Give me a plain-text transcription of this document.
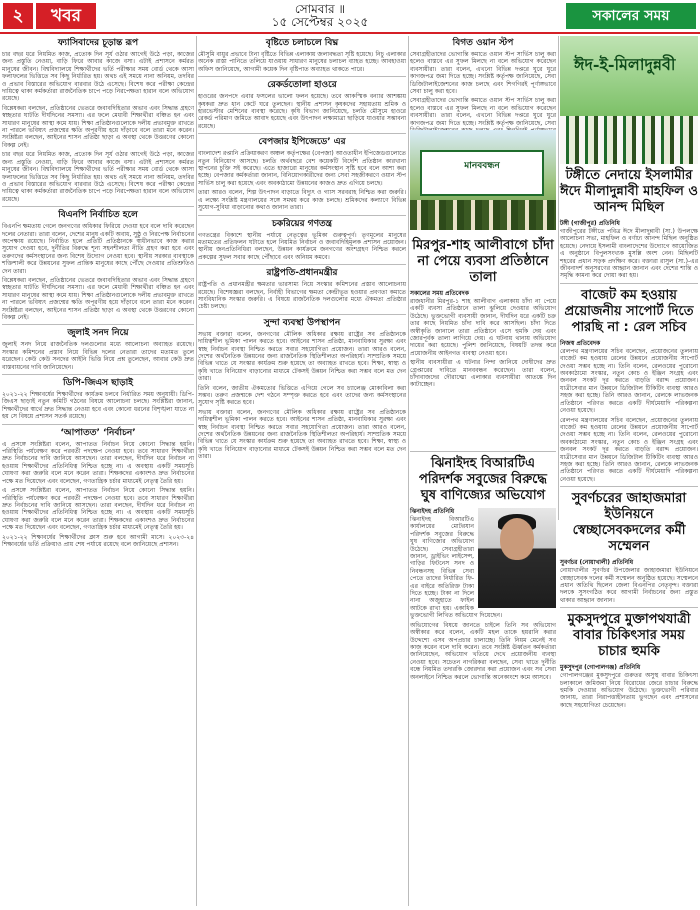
২	খবর	সোমবার ॥
১৫ সেপ্টেম্বর ২০২৫	সকালের সময়
ফ্যাসিবাদের চূড়ান্ত রূপ

চার বছর ধরে নিয়মিত কাজ, প্রত্যেক দিন সূর্য ওঠার আগেই উঠে পড়া, কাজের জন্য প্রস্তুতি নেওয়া, বাড়ি ফিরে আবার কাজে বসা। এটাই প্রশাসনে কর্মরত মানুষের জীবন। বিশ্ববিদ্যালয়ে শিক্ষার্থীদের ভর্তি পরীক্ষার সময় বোর্ড থেকে আসা ফলাফলের ভিত্তিতে সব কিছু নির্ধারিত হয়। অথচ এই সময়ে নানা অনিয়ম, তদবির ও প্রভাব বিস্তারের অভিযোগ বারবার উঠে এসেছে। বিশেষ করে পরীক্ষা কেন্দ্রের দায়িত্বে থাকা কর্মকর্তারা রাজনৈতিক চাপে পড়ে নিরপেক্ষতা হারান বলে অভিযোগ রয়েছে।

বিশ্লেষকরা বলছেন, প্রতিষ্ঠানের ভেতরে জবাবদিহিতার অভাব এবং সিদ্ধান্ত গ্রহণে স্বচ্ছতার ঘাটতি দীর্ঘদিনের সমস্যা। এর ফলে মেধাবী শিক্ষার্থীরা বঞ্চিত হন এবং সাধারণ মানুষের আস্থা কমে যায়। শিক্ষা প্রতিষ্ঠানগুলোকে দলীয় প্রভাবমুক্ত রাখতে না পারলে ভবিষ্যৎ প্রজন্মের ক্ষতি অপূরণীয় হয়ে দাঁড়াবে বলে তারা মনে করেন। সংশ্লিষ্টরা বলছেন, আইনের শাসন প্রতিষ্ঠা ছাড়া এ অবস্থা থেকে উত্তরণের কোনো বিকল্প নেই।

চার বছর ধরে নিয়মিত কাজ, প্রত্যেক দিন সূর্য ওঠার আগেই উঠে পড়া, কাজের জন্য প্রস্তুতি নেওয়া, বাড়ি ফিরে আবার কাজে বসা। এটাই প্রশাসনে কর্মরত মানুষের জীবন। বিশ্ববিদ্যালয়ে শিক্ষার্থীদের ভর্তি পরীক্ষার সময় বোর্ড থেকে আসা ফলাফলের ভিত্তিতে সব কিছু নির্ধারিত হয়। অথচ এই সময়ে নানা অনিয়ম, তদবির ও প্রভাব বিস্তারের অভিযোগ বারবার উঠে এসেছে। বিশেষ করে পরীক্ষা কেন্দ্রের দায়িত্বে থাকা কর্মকর্তারা রাজনৈতিক চাপে পড়ে নিরপেক্ষতা হারান বলে অভিযোগ রয়েছে।

বিএনপি নির্বাচিত হলে

বিএনপি ক্ষমতায় গেলে জনগণের অধিকার ফিরিয়ে দেওয়া হবে বলে দাবি করেছেন দলের নেতারা। তারা বলেন, দেশের মানুষ একটি অবাধ, সুষ্ঠু ও নিরপেক্ষ নির্বাচনের অপেক্ষায় রয়েছে। নির্বাচিত হলে প্রতিটি প্রতিষ্ঠানকে স্বাধীনভাবে কাজ করার সুযোগ দেওয়া হবে, দুর্নীতির বিরুদ্ধে শূন্য সহনশীলতা নীতি গ্রহণ করা হবে এবং তরুণদের কর্মসংস্থানের জন্য বিশেষ উদ্যোগ নেওয়া হবে। স্থানীয় সরকার ব্যবস্থাকে শক্তিশালী করে উন্নয়নের সুফল প্রান্তিক মানুষের কাছে পৌঁছে দেওয়ার প্রতিশ্রুতিও দেন তারা।

বিশ্লেষকরা বলছেন, প্রতিষ্ঠানের ভেতরে জবাবদিহিতার অভাব এবং সিদ্ধান্ত গ্রহণে স্বচ্ছতার ঘাটতি দীর্ঘদিনের সমস্যা। এর ফলে মেধাবী শিক্ষার্থীরা বঞ্চিত হন এবং সাধারণ মানুষের আস্থা কমে যায়। শিক্ষা প্রতিষ্ঠানগুলোকে দলীয় প্রভাবমুক্ত রাখতে না পারলে ভবিষ্যৎ প্রজন্মের ক্ষতি অপূরণীয় হয়ে দাঁড়াবে বলে তারা মনে করেন। সংশ্লিষ্টরা বলছেন, আইনের শাসন প্রতিষ্ঠা ছাড়া এ অবস্থা থেকে উত্তরণের কোনো বিকল্প নেই।

জুলাই সনদ নিয়ে

জুলাই সনদ নিয়ে রাজনৈতিক দলগুলোর মধ্যে আলোচনা অব্যাহত রয়েছে। সংস্কার কমিশনের প্রস্তাব নিয়ে বিভিন্ন দলের নেতারা তাদের মতামত তুলে ধরেছেন। কেউ কেউ সনদের আইনি ভিত্তি নিয়ে প্রশ্ন তুলেছেন, আবার কেউ দ্রুত বাস্তবায়নের দাবি জানিয়েছেন।

ডিপি-জিএস ছাড়াই

২০২১-২২ শিক্ষাবর্ষের শিক্ষার্থীদের কার্যক্রম চলবে নির্ধারিত সময় অনুযায়ী। ডিপি-জিএস ছাড়াই নতুন কমিটি গঠনের বিষয়ে আলোচনা চলছে। সংশ্লিষ্টরা জানান, শিক্ষার্থীদের স্বার্থে দ্রুত সিদ্ধান্ত নেওয়া হবে এবং কোনো ধরনের বিশৃঙ্খলা যাতে না হয় সে বিষয়ে প্রশাসন সতর্ক রয়েছে।

‘আপাতত’ ‘নির্বাচন’

এ প্রসঙ্গে সংশ্লিষ্টরা বলেন, আপাতত নির্বাচন নিয়ে কোনো সিদ্ধান্ত হয়নি। পরিস্থিতি পর্যবেক্ষণ করে পরবর্তী পদক্ষেপ নেওয়া হবে। তবে সাধারণ শিক্ষার্থীরা দ্রুত নির্বাচনের দাবি জানিয়ে আসছেন। তারা বলছেন, দীর্ঘদিন ধরে নির্বাচন না হওয়ায় শিক্ষার্থীদের প্রতিনিধিত্ব নিশ্চিত হচ্ছে না। এ অবস্থায় একটি সময়সূচি ঘোষণা করা জরুরি বলে মনে করেন তারা। শিক্ষকদের একাংশও দ্রুত নির্বাচনের পক্ষে মত দিয়েছেন এবং বলেছেন, গণতান্ত্রিক চর্চার মাধ্যমেই নেতৃত্ব তৈরি হয়।

এ প্রসঙ্গে সংশ্লিষ্টরা বলেন, আপাতত নির্বাচন নিয়ে কোনো সিদ্ধান্ত হয়নি। পরিস্থিতি পর্যবেক্ষণ করে পরবর্তী পদক্ষেপ নেওয়া হবে। তবে সাধারণ শিক্ষার্থীরা দ্রুত নির্বাচনের দাবি জানিয়ে আসছেন। তারা বলছেন, দীর্ঘদিন ধরে নির্বাচন না হওয়ায় শিক্ষার্থীদের প্রতিনিধিত্ব নিশ্চিত হচ্ছে না। এ অবস্থায় একটি সময়সূচি ঘোষণা করা জরুরি বলে মনে করেন তারা। শিক্ষকদের একাংশও দ্রুত নির্বাচনের পক্ষে মত দিয়েছেন এবং বলেছেন, গণতান্ত্রিক চর্চার মাধ্যমেই নেতৃত্ব তৈরি হয়।

২০২১-২২ শিক্ষাবর্ষের শিক্ষার্থীদের ক্লাস শুরু হবে আগামী মাসে। ২০২৩-২৪ শিক্ষাবর্ষের ভর্তি প্রক্রিয়াও প্রায় শেষ পর্যায়ে রয়েছে বলে জানিয়েছে প্রশাসন।

বৃষ্টিতে চলাচলে বিঘ্ন

মৌসুমি বায়ুর প্রভাবে টানা বৃষ্টিতে বিভিন্ন এলাকায় জলাবদ্ধতা সৃষ্টি হয়েছে। নিচু এলাকার অনেক রাস্তা পানিতে তলিয়ে যাওয়ায় সাধারণ মানুষের চলাচল ব্যাহত হচ্ছে। আবহাওয়া অফিস জানিয়েছে, আগামী কয়েক দিন বৃষ্টিপাত অব্যাহত থাকতে পারে।

রেকর্ডতোলা হাওরে

হাওরের জনপদে এবার ফসলের ভালো ফলন হয়েছে। তবে আকস্মিক বন্যার আশঙ্কায় কৃষকরা দ্রুত ধান কেটে ঘরে তুলছেন। স্থানীয় প্রশাসন কৃষকদের সহায়তায় শ্রমিক ও হারভেস্টার মেশিনের ব্যবস্থা করেছে। কৃষি বিভাগ জানিয়েছে, চলতি মৌসুমে হাওরে রেকর্ড পরিমাণ জমিতে আবাদ হয়েছে এবং উৎপাদন লক্ষ্যমাত্রা ছাড়িয়ে যাওয়ার সম্ভাবনা রয়েছে।

বেপজার ইপিজেডে’ এর

বাংলাদেশ রপ্তানি প্রক্রিয়াকরণ অঞ্চল কর্তৃপক্ষের (বেপজা) আওতাধীন ইপিজেডগুলোতে নতুন বিনিয়োগ আসছে। চলতি অর্থবছরে বেশ কয়েকটি বিদেশি প্রতিষ্ঠান কারখানা স্থাপনের চুক্তি সই করেছে। এতে হাজারো মানুষের কর্মসংস্থান সৃষ্টি হবে বলে আশা করা হচ্ছে। বেপজার কর্মকর্তারা জানান, বিনিয়োগকারীদের জন্য সেবা সহজীকরণে ওয়ান স্টপ সার্ভিস চালু করা হয়েছে এবং অবকাঠামো উন্নয়নের কাজও দ্রুত এগিয়ে চলছে।

তারা আরও বলেন, শিল্প উৎপাদন বাড়াতে বিদ্যুৎ ও গ্যাস সরবরাহ নিশ্চিত করা জরুরি। এ লক্ষ্যে সংশ্লিষ্ট মন্ত্রণালয়ের সঙ্গে সমন্বয় করে কাজ চলছে। শ্রমিকদের কল্যাণে বিভিন্ন সুযোগ-সুবিধা বাড়ানোর কথাও জানান তারা।

চকরিয়ের গণতন্ত্র

গণতন্ত্রের বিকাশে স্থানীয় পর্যায়ে নেতৃত্বের ভূমিকা গুরুত্বপূর্ণ। তৃণমূলের মানুষের মতামতের প্রতিফলন ঘটাতে হলে নিয়মিত নির্বাচন ও জবাবদিহিমূলক প্রশাসন প্রয়োজন। স্থানীয় জনপ্রতিনিধিরা বলছেন, উন্নয়ন কার্যক্রমে জনগণের অংশগ্রহণ নিশ্চিত করলে প্রকল্পের সুফল সবার কাছে পৌঁছাবে এবং অনিয়ম কমবে।

রাষ্ট্রপতি-প্রধানমন্ত্রীর

রাষ্ট্রপতি ও প্রধানমন্ত্রীর ক্ষমতার ভারসাম্য নিয়ে সংস্কার কমিশনের প্রস্তাব আলোচনায় রয়েছে। বিশেষজ্ঞরা বলছেন, নির্বাহী বিভাগের ক্ষমতা কেন্দ্রীভূত হওয়ার প্রবণতা কমাতে সাংবিধানিক সংস্কার জরুরি। এ বিষয়ে রাজনৈতিক দলগুলোর মধ্যে ঐকমত্য প্রতিষ্ঠার চেষ্টা চলছে।

সুন্দা ব্যবস্থা উপস্থাপন

সভায় বক্তারা বলেন, জনগণের মৌলিক অধিকার রক্ষায় রাষ্ট্রের সব প্রতিষ্ঠানকে দায়িত্বশীল ভূমিকা পালন করতে হবে। আইনের শাসন প্রতিষ্ঠা, মানবাধিকার সুরক্ষা এবং স্বচ্ছ নির্বাচন ব্যবস্থা নিশ্চিত করতে সবার সহযোগিতা প্রয়োজন। তারা আরও বলেন, দেশের অর্থনৈতিক উন্নয়নের জন্য রাজনৈতিক স্থিতিশীলতা অপরিহার্য। সাম্প্রতিক সময়ে বিভিন্ন খাতে যে সংস্কার কার্যক্রম শুরু হয়েছে তা অব্যাহত রাখতে হবে। শিক্ষা, স্বাস্থ্য ও কৃষি খাতে বিনিয়োগ বাড়ানোর মাধ্যমে টেকসই উন্নয়ন নিশ্চিত করা সম্ভব বলে মত দেন তারা।

তিনি বলেন, জাতীয় ঐকমত্যের ভিত্তিতে এগিয়ে গেলে সব চ্যালেঞ্জ মোকাবিলা করা সম্ভব। তরুণ প্রজন্মকে দেশ গঠনে সম্পৃক্ত করতে হবে এবং তাদের জন্য কর্মসংস্থানের সুযোগ সৃষ্টি করতে হবে।

সভায় বক্তারা বলেন, জনগণের মৌলিক অধিকার রক্ষায় রাষ্ট্রের সব প্রতিষ্ঠানকে দায়িত্বশীল ভূমিকা পালন করতে হবে। আইনের শাসন প্রতিষ্ঠা, মানবাধিকার সুরক্ষা এবং স্বচ্ছ নির্বাচন ব্যবস্থা নিশ্চিত করতে সবার সহযোগিতা প্রয়োজন। তারা আরও বলেন, দেশের অর্থনৈতিক উন্নয়নের জন্য রাজনৈতিক স্থিতিশীলতা অপরিহার্য। সাম্প্রতিক সময়ে বিভিন্ন খাতে যে সংস্কার কার্যক্রম শুরু হয়েছে তা অব্যাহত রাখতে হবে। শিক্ষা, স্বাস্থ্য ও কৃষি খাতে বিনিয়োগ বাড়ানোর মাধ্যমে টেকসই উন্নয়ন নিশ্চিত করা সম্ভব বলে মত দেন তারা।

বিগত ওয়ান স্টপ

সেবাগ্রহীতাদের ভোগান্তি কমাতে ওয়ান স্টপ সার্ভিস চালু করা হলেও বাস্তবে এর সুফল মিলছে না বলে অভিযোগ করেছেন ব্যবসায়ীরা। তারা বলেন, এখনো বিভিন্ন দপ্তরে ঘুরে ঘুরে কাগজপত্র জমা দিতে হচ্ছে। সংশ্লিষ্ট কর্তৃপক্ষ জানিয়েছে, সেবা ডিজিটালাইজেশনের কাজ চলছে এবং শিগগিরই পূর্ণাঙ্গভাবে সেবা চালু করা হবে।

সেবাগ্রহীতাদের ভোগান্তি কমাতে ওয়ান স্টপ সার্ভিস চালু করা হলেও বাস্তবে এর সুফল মিলছে না বলে অভিযোগ করেছেন ব্যবসায়ীরা। তারা বলেন, এখনো বিভিন্ন দপ্তরে ঘুরে ঘুরে কাগজপত্র জমা দিতে হচ্ছে। সংশ্লিষ্ট কর্তৃপক্ষ জানিয়েছে, সেবা

মানববন্ধন
মিরপুর-শাহ আলীবাগে চাঁদা না পেয়ে ব্যবসা প্রতিষ্ঠানে তালা
সকালের সময় প্রতিবেদক

রাজধানীর মিরপুর-১ শাহ আলীবাগ এলাকায় চাঁদা না পেয়ে একটি ব্যবসা প্রতিষ্ঠানে তালা ঝুলিয়ে দেওয়ার অভিযোগ উঠেছে। ভুক্তভোগী ব্যবসায়ী জানান, দীর্ঘদিন ধরে একটি চক্র তার কাছে নিয়মিত চাঁদা দাবি করে আসছিল। চাঁদা দিতে অস্বীকৃতি জানালে তারা প্রতিষ্ঠানে এসে হুমকি দেয় এবং জোরপূর্বক তালা লাগিয়ে দেয়। এ ঘটনায় থানায় অভিযোগ দায়ের করা হয়েছে। পুলিশ জানিয়েছে, বিষয়টি তদন্ত করে প্রয়োজনীয় আইনগত ব্যবস্থা নেওয়া হবে।

স্থানীয় ব্যবসায়ীরা এ ঘটনার নিন্দা জানিয়ে দোষীদের দ্রুত গ্রেপ্তারের দাবিতে মানববন্ধন করেছেন। তারা বলেন, চাঁদাবাজদের দৌরাত্ম্যে এলাকার ব্যবসায়ীরা আতঙ্কে দিন কাটাচ্ছেন।

ঝিনাইদহ বিআরটিএ পরিদর্শক সবুজের বিরুদ্ধে ঘুষ বাণিজ্যের অভিযোগ
ঝিনাইদহ প্রতিনিধি

ঝিনাইদহ বিআরটিএ কার্যালয়ের মোটরযান পরিদর্শক সবুজের বিরুদ্ধে ঘুষ বাণিজ্যের অভিযোগ উঠেছে। সেবাগ্রহীতারা জানান, ড্রাইভিং লাইসেন্স, গাড়ির ফিটনেস সনদ ও নিবন্ধনসহ বিভিন্ন সেবা পেতে তাদের নির্ধারিত ফি-এর বাইরে অতিরিক্ত টাকা দিতে হচ্ছে। টাকা না দিলে নানা অজুহাতে ফাইল আটকে রাখা হয়। একাধিক ভুক্তভোগী লিখিত অভিযোগ দিয়েছেন।

অভিযোগের বিষয়ে জানতে চাইলে তিনি সব অভিযোগ অস্বীকার করে বলেন, একটি মহল তাকে হয়রানি করার উদ্দেশ্যে এসব অপপ্রচার চালাচ্ছে। তিনি নিয়ম মেনেই সব কাজ করেন বলে দাবি করেন। তবে সংশ্লিষ্ট ঊর্ধ্বতন কর্মকর্তারা জানিয়েছেন, অভিযোগ খতিয়ে দেখে প্রয়োজনীয় ব্যবস্থা নেওয়া হবে। সচেতন নাগরিকরা বলছেন, সেবা খাতে দুর্নীতি বন্ধে নিয়মিত তদারকি জোরদার করা প্রয়োজন এবং সব সেবা অনলাইনে নিশ্চিত করলে ভোগান্তি অনেকাংশে কমে আসবে।

ঈদ-ই-মিলাদুন্নবী
টঙ্গীতে নেদায়ে ইসলামীর ঈদে মীলাদুন্নাবী মাহফিল ও আনন্দ মিছিল
টঙ্গী (গাজীপুর) প্রতিনিধি

গাজীপুরের টঙ্গীতে পবিত্র ঈদে মীলাদুন্নাবী (সা.) উপলক্ষে আলোচনা সভা, মাহফিল ও বর্ণাঢ্য আনন্দ মিছিল অনুষ্ঠিত হয়েছে। নেদায়ে ইসলামী বাংলাদেশের উদ্যোগে আয়োজিত এ অনুষ্ঠানে বিপুলসংখ্যক মুসল্লি অংশ নেন। মিছিলটি শহরের প্রধান সড়ক প্রদক্ষিণ করে। বক্তারা রাসুল (সা.)-এর জীবনাদর্শ অনুসরণের আহ্বান জানান এবং দেশের শান্তি ও সমৃদ্ধি কামনা করে দোয়া করা হয়।

বাজেট কম হওয়ায় প্রয়োজনীয় সাপোর্ট দিতে পারছি না : রেল সচিব
নিজস্ব প্রতিবেদক

রেলপথ মন্ত্রণালয়ের সচিব বলেছেন, প্রয়োজনের তুলনায় বাজেট কম হওয়ায় রেলের উন্নয়নে প্রয়োজনীয় সাপোর্ট দেওয়া সম্ভব হচ্ছে না। তিনি বলেন, রেলওয়ের পুরোনো অবকাঠামো সংস্কার, নতুন কোচ ও ইঞ্জিন সংগ্রহ এবং জনবল সংকট দূর করতে বাড়তি বরাদ্দ প্রয়োজন। যাত্রীসেবার মান উন্নয়নে ডিজিটাল টিকিটিং ব্যবস্থা আরও সহজ করা হচ্ছে। তিনি আরও জানান, রেলকে লাভজনক প্রতিষ্ঠানে পরিণত করতে একটি দীর্ঘমেয়াদি পরিকল্পনা নেওয়া হয়েছে।

রেলপথ মন্ত্রণালয়ের সচিব বলেছেন, প্রয়োজনের তুলনায় বাজেট কম হওয়ায় রেলের উন্নয়নে প্রয়োজনীয় সাপোর্ট দেওয়া সম্ভব হচ্ছে না। তিনি বলেন, রেলওয়ের পুরোনো অবকাঠামো সংস্কার, নতুন কোচ ও ইঞ্জিন সংগ্রহ এবং জনবল সংকট দূর করতে বাড়তি বরাদ্দ প্রয়োজন। যাত্রীসেবার মান উন্নয়নে ডিজিটাল টিকিটিং ব্যবস্থা আরও সহজ করা হচ্ছে। তিনি আরও জানান, রেলকে লাভজনক প্রতিষ্ঠানে পরিণত করতে একটি দীর্ঘমেয়াদি পরিকল্পনা নেওয়া হয়েছে।

সুবর্ণচরের জাহাজমারা ইউনিয়নে স্বেচ্ছাসেবকদলের কর্মী সম্মেলন
সুবর্ণচর (নোয়াখালী) প্রতিনিধি

নোয়াখালীর সুবর্ণচর উপজেলার জাহাজমারা ইউনিয়নে স্বেচ্ছাসেবক দলের কর্মী সম্মেলন অনুষ্ঠিত হয়েছে। সম্মেলনে প্রধান অতিথি ছিলেন জেলা বিএনপির নেতৃবৃন্দ। বক্তারা দলকে সুসংগঠিত করে আগামী নির্বাচনের জন্য প্রস্তুত থাকার আহ্বান জানান।

মুকসুদপুরে মুক্তাপথযাত্রী বাবার চিকিৎসার সময় চাচার হুমকি
মুকসুদপুর (গোপালগঞ্জ) প্রতিনিধি

গোপালগঞ্জের মুকসুদপুরে গুরুতর অসুস্থ বাবার চিকিৎসা চলাকালে জমিজমা নিয়ে বিরোধের জেরে চাচার বিরুদ্ধে হুমকি দেওয়ার অভিযোগ উঠেছে। ভুক্তভোগী পরিবার জানায়, তারা নিরাপত্তাহীনতায় ভুগছেন এবং প্রশাসনের কাছে সহযোগিতা চেয়েছেন।
